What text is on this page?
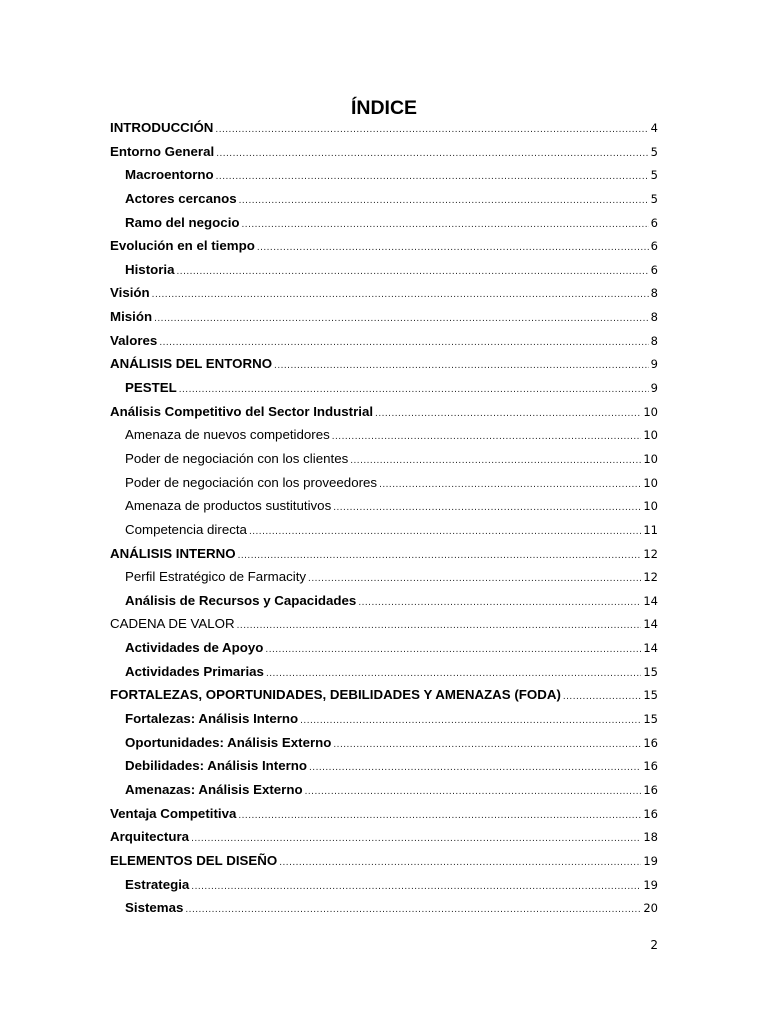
ÍNDICE
INTRODUCCIÓN .....	4
Entorno General .....	5
Macroentorno .....	5
Actores cercanos .....	5
Ramo del negocio .....	6
Evolución en el tiempo .....	6
Historia .....	6
Visión .....	8
Misión .....	8
Valores .....	8
ANÁLISIS DEL ENTORNO .....	9
PESTEL .....	9
Análisis Competitivo del Sector Industrial .....	10
Amenaza de nuevos competidores .....	10
Poder de negociación con los clientes .....	10
Poder de negociación con los proveedores .....	10
Amenaza de productos sustitutivos .....	10
Competencia directa .....	11
ANÁLISIS INTERNO .....	12
Perfil Estratégico de Farmacity .....	12
Análisis de Recursos y Capacidades .....	14
CADENA DE VALOR .....	14
Actividades de Apoyo .....	14
Actividades Primarias .....	15
FORTALEZAS, OPORTUNIDADES, DEBILIDADES Y AMENAZAS (FODA) .....	15
Fortalezas: Análisis Interno .....	15
Oportunidades: Análisis Externo .....	16
Debilidades: Análisis Interno .....	16
Amenazas: Análisis Externo .....	16
Ventaja Competitiva .....	16
Arquitectura .....	18
ELEMENTOS DEL DISEÑO .....	19
Estrategia .....	19
Sistemas .....	20
2
